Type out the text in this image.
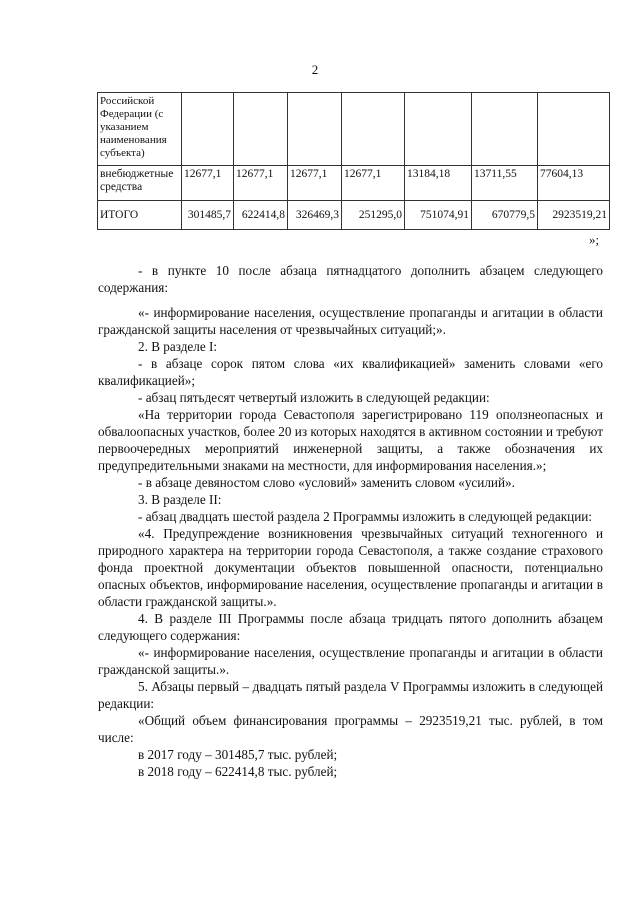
2
Российской Федерации (с указанием наименования субъекта)							
внебюджетные средства	12677,1	12677,1	12677,1	12677,1	13184,18	13711,55	77604,13
ИТОГО	301485,7	622414,8	326469,3	251295,0	751074,91	670779,5	2923519,21
»;

- в пункте 10 после абзаца пятнадцатого дополнить абзацем следующего содержания:

«- информирование населения, осуществление пропаганды и агитации в области гражданской защиты населения от чрезвычайных ситуаций;».

2. В разделе I:

- в абзаце сорок пятом слова «их квалификацией» заменить словами «его квалификацией»;

- абзац пятьдесят четвертый изложить в следующей редакции:

«На территории города Севастополя зарегистрировано 119 оползнеопасных и обвалоопасных участков, более 20 из которых находятся в активном состоянии и требуют первоочередных мероприятий инженерной защиты, а также обозначения их предупредительными знаками на местности, для информирования населения.»;

- в абзаце девяностом слово «условий» заменить словом «усилий».

3. В разделе II:

- абзац двадцать шестой раздела 2 Программы изложить в следующей редакции:

«4. Предупреждение возникновения чрезвычайных ситуаций техногенного и природного характера на территории города Севастополя, а также создание страхового фонда проектной документации объектов повышенной опасности, потенциально опасных объектов, информирование населения, осуществление пропаганды и агитации в области гражданской защиты.».

4. В разделе III Программы после абзаца тридцать пятого дополнить абзацем следующего содержания:

«- информирование населения, осуществление пропаганды и агитации в области гражданской защиты.».

5. Абзацы первый – двадцать пятый раздела V Программы изложить в следующей редакции:

«Общий объем финансирования программы – 2923519,21 тыс. рублей, в том числе:

в 2017 году – 301485,7 тыс. рублей;

в 2018 году – 622414,8 тыс. рублей;
